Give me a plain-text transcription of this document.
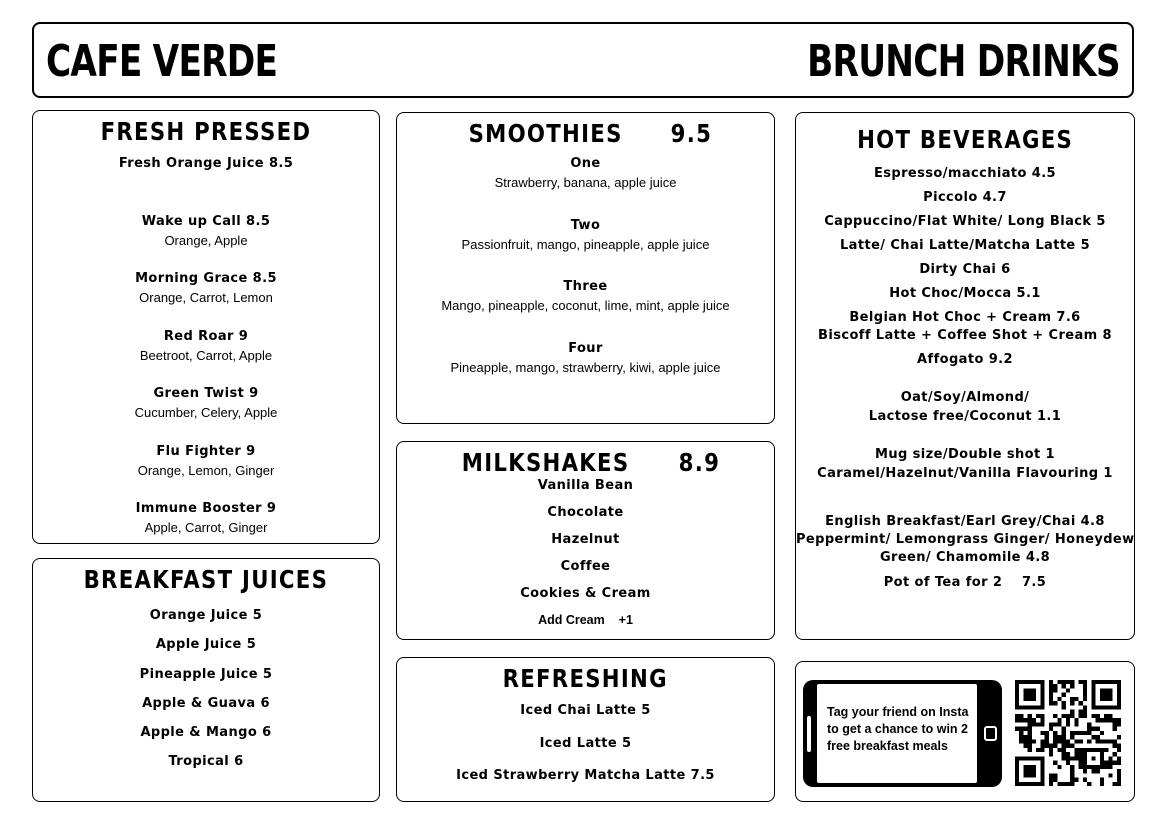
CAFE VERDE	BRUNCH DRINKS
FRESH PRESSED
Fresh Orange Juice 8.5
Wake up Call 8.5
Orange, Apple
Morning Grace 8.5
Orange, Carrot, Lemon
Red Roar 9
Beetroot, Carrot, Apple
Green Twist 9
Cucumber, Celery, Apple
Flu Fighter 9
Orange, Lemon, Ginger
Immune Booster 9
Apple, Carrot, Ginger
BREAKFAST JUICES
Orange Juice 5
Apple Juice 5
Pineapple Juice 5
Apple & Guava 6
Apple & Mango 6
Tropical 6
SMOOTHIES 9.5
One
Strawberry, banana, apple juice
Two
Passionfruit, mango, pineapple, apple juice
Three
Mango, pineapple, coconut, lime, mint, apple juice
Four
Pineapple, mango, strawberry, kiwi, apple juice
MILKSHAKES 8.9
Vanilla Bean
Chocolate
Hazelnut
Coffee
Cookies & Cream
Add Cream +1
REFRESHING
Iced Chai Latte 5
Iced Latte 5
Iced Strawberry Matcha Latte 7.5
HOT BEVERAGES
Espresso/macchiato 4.5
Piccolo 4.7
Cappuccino/Flat White/ Long Black 5
Latte/ Chai Latte/Matcha Latte 5
Dirty Chai 6
Hot Choc/Mocca 5.1
Belgian Hot Choc + Cream 7.6
Biscoff Latte + Coffee Shot + Cream 8
Affogato 9.2
Oat/Soy/Almond/
Lactose free/Coconut 1.1
Mug size/Double shot 1
Caramel/Hazelnut/Vanilla Flavouring 1
English Breakfast/Earl Grey/Chai 4.8
Peppermint/ Lemongrass Ginger/ Honeydew
Green/ Chamomile 4.8
Pot of Tea for 2    7.5
Tag your friend on Insta
to get a chance to win 2
free breakfast meals
